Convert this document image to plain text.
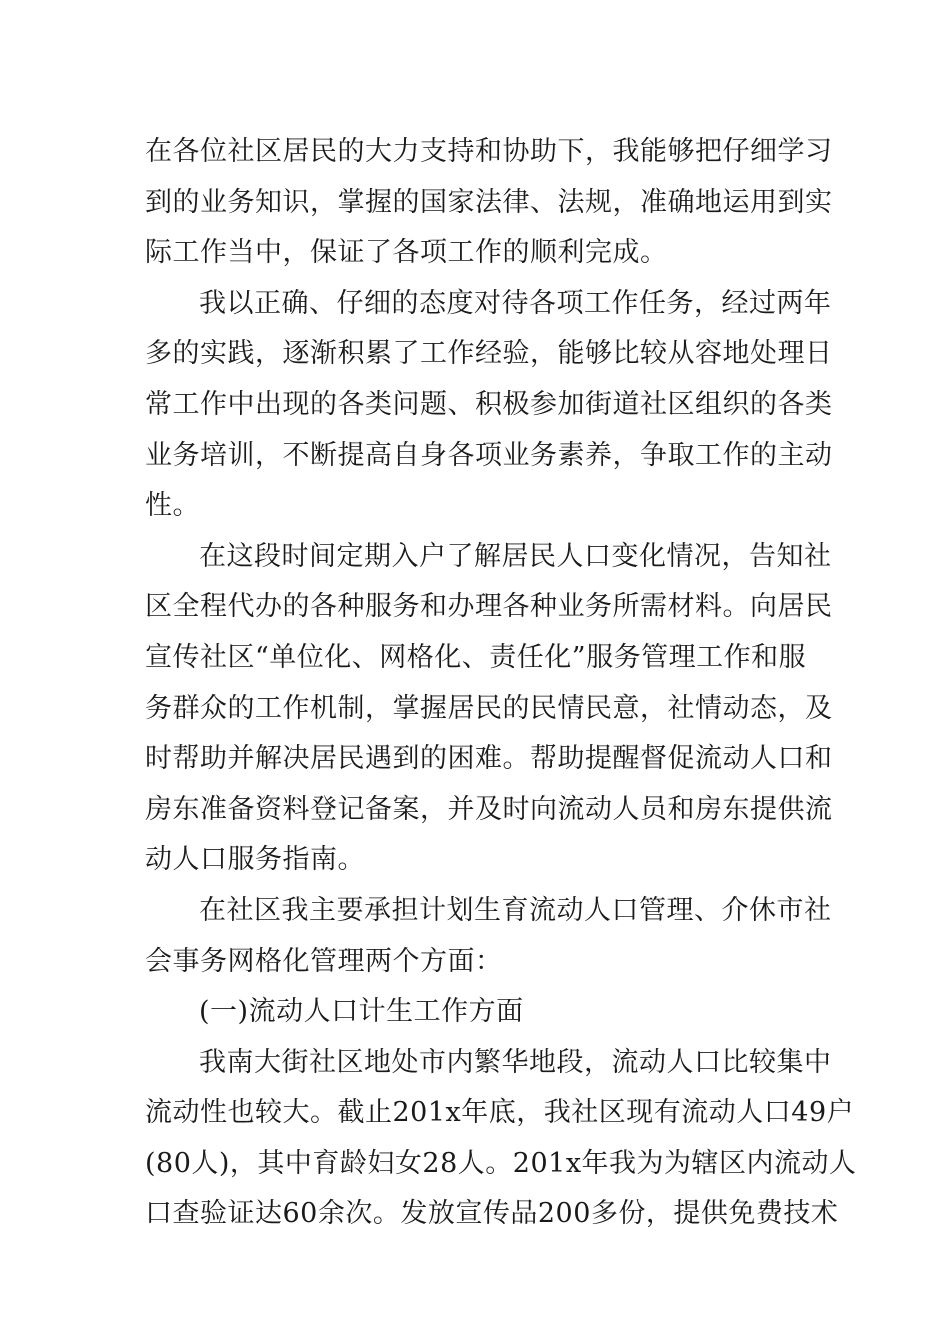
在各位社区居民的大力支持和协助下，我能够把仔细学习
到的业务知识，掌握的国家法律、法规，准确地运用到实
际工作当中，保证了各项工作的顺利完成。
我以正确、仔细的态度对待各项工作任务，经过两年
多的实践，逐渐积累了工作经验，能够比较从容地处理日
常工作中出现的各类问题、积极参加街道社区组织的各类
业务培训，不断提高自身各项业务素养，争取工作的主动
性。
在这段时间定期入户了解居民人口变化情况，告知社
区全程代办的各种服务和办理各种业务所需材料。向居民
宣传社区“单位化、网格化、责任化”服务管理工作和服
务群众的工作机制，掌握居民的民情民意，社情动态，及
时帮助并解决居民遇到的困难。帮助提醒督促流动人口和
房东准备资料登记备案，并及时向流动人员和房东提供流
动人口服务指南。
在社区我主要承担计划生育流动人口管理、介休市社
会事务网格化管理两个方面：
(一)流动人口计生工作方面
我南大街社区地处市内繁华地段，流动人口比较集中
流动性也较大。截止201x年底，我社区现有流动人口49户
(80人)，其中育龄妇女28人。201x年我为为辖区内流动人
口查验证达60余次。发放宣传品200多份，提供免费技术
